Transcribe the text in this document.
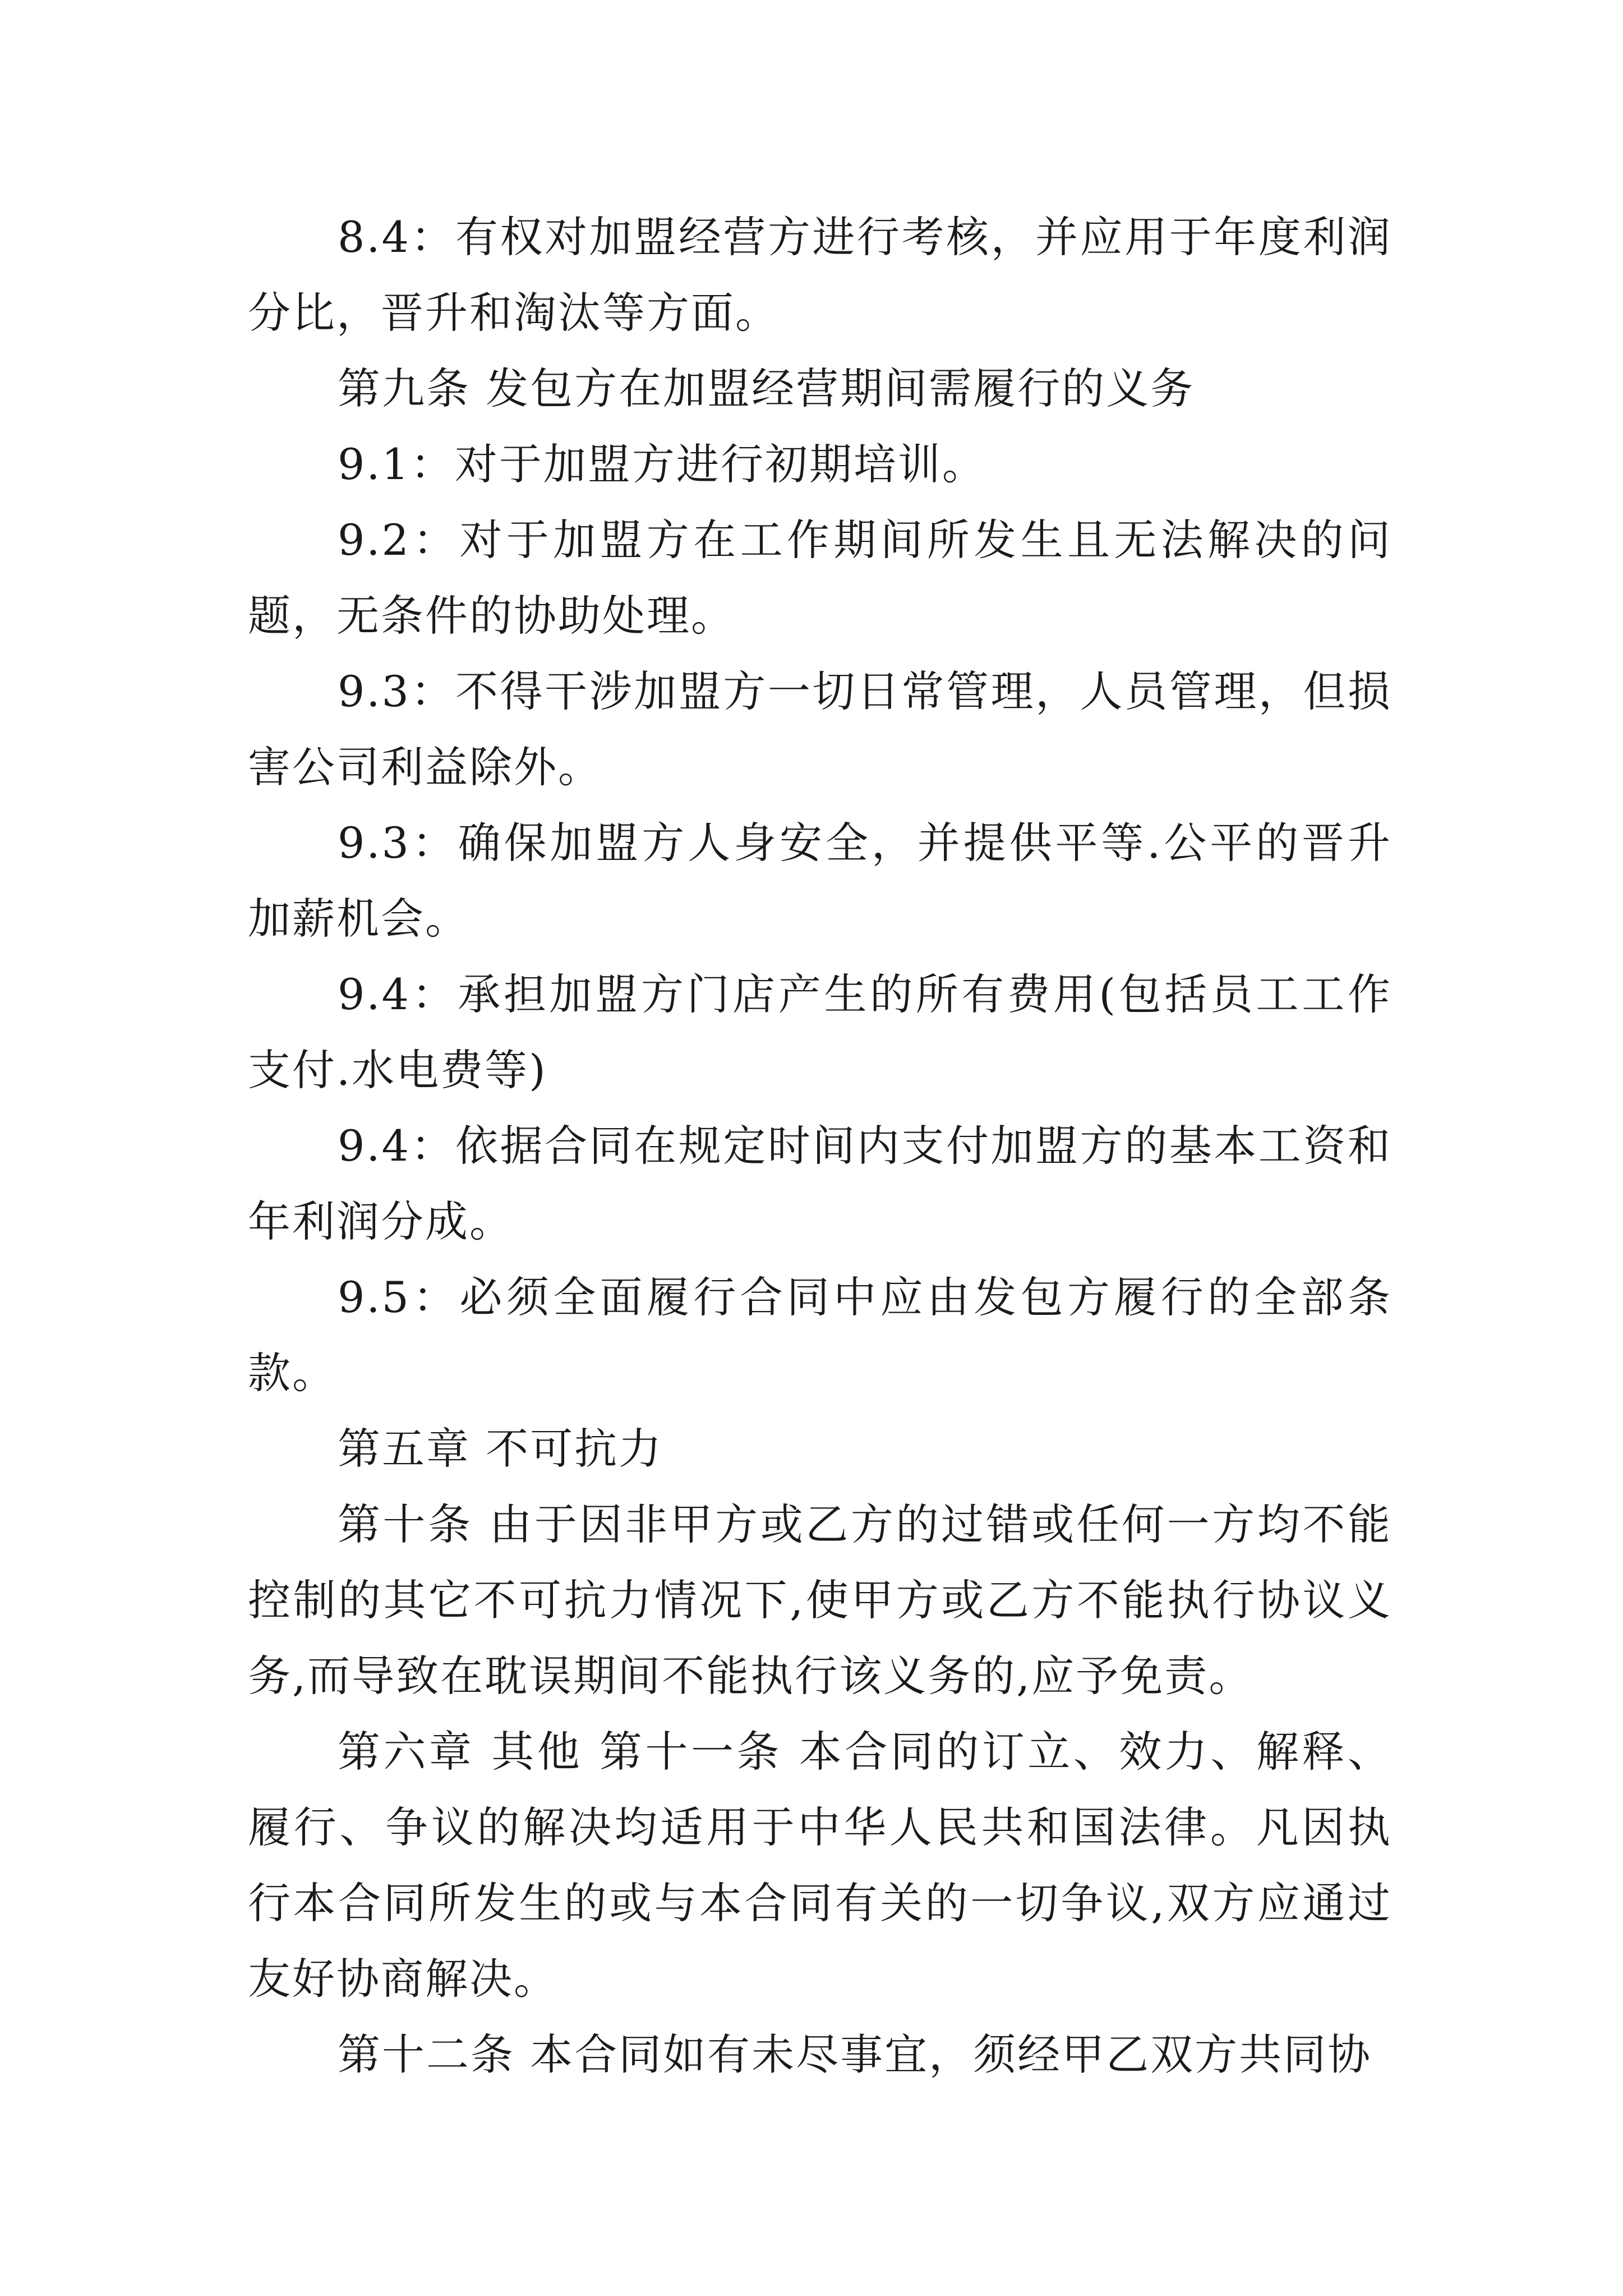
8.4：有权对加盟经营方进行考核，并应用于年度利润分比，晋升和淘汰等方面。

第九条 发包方在加盟经营期间需履行的义务

9.1：对于加盟方进行初期培训。

9.2：对于加盟方在工作期间所发生且无法解决的问题，无条件的协助处理。

9.3：不得干涉加盟方一切日常管理，人员管理，但损害公司利益除外。

9.3：确保加盟方人身安全，并提供平等.公平的晋升加薪机会。

9.4：承担加盟方门店产生的所有费用(包括员工工作支付.水电费等)

9.4：依据合同在规定时间内支付加盟方的基本工资和年利润分成。

9.5：必须全面履行合同中应由发包方履行的全部条款。

第五章 不可抗力

第十条 由于因非甲方或乙方的过错或任何一方均不能控制的其它不可抗力情况下,使甲方或乙方不能执行协议义务,而导致在耽误期间不能执行该义务的,应予免责。

第六章 其他 第十一条 本合同的订立、效力、解释、履行、争议的解决均适用于中华人民共和国法律。凡因执行本合同所发生的或与本合同有关的一切争议,双方应通过友好协商解决。

第十二条 本合同如有未尽事宜，须经甲乙双方共同协
